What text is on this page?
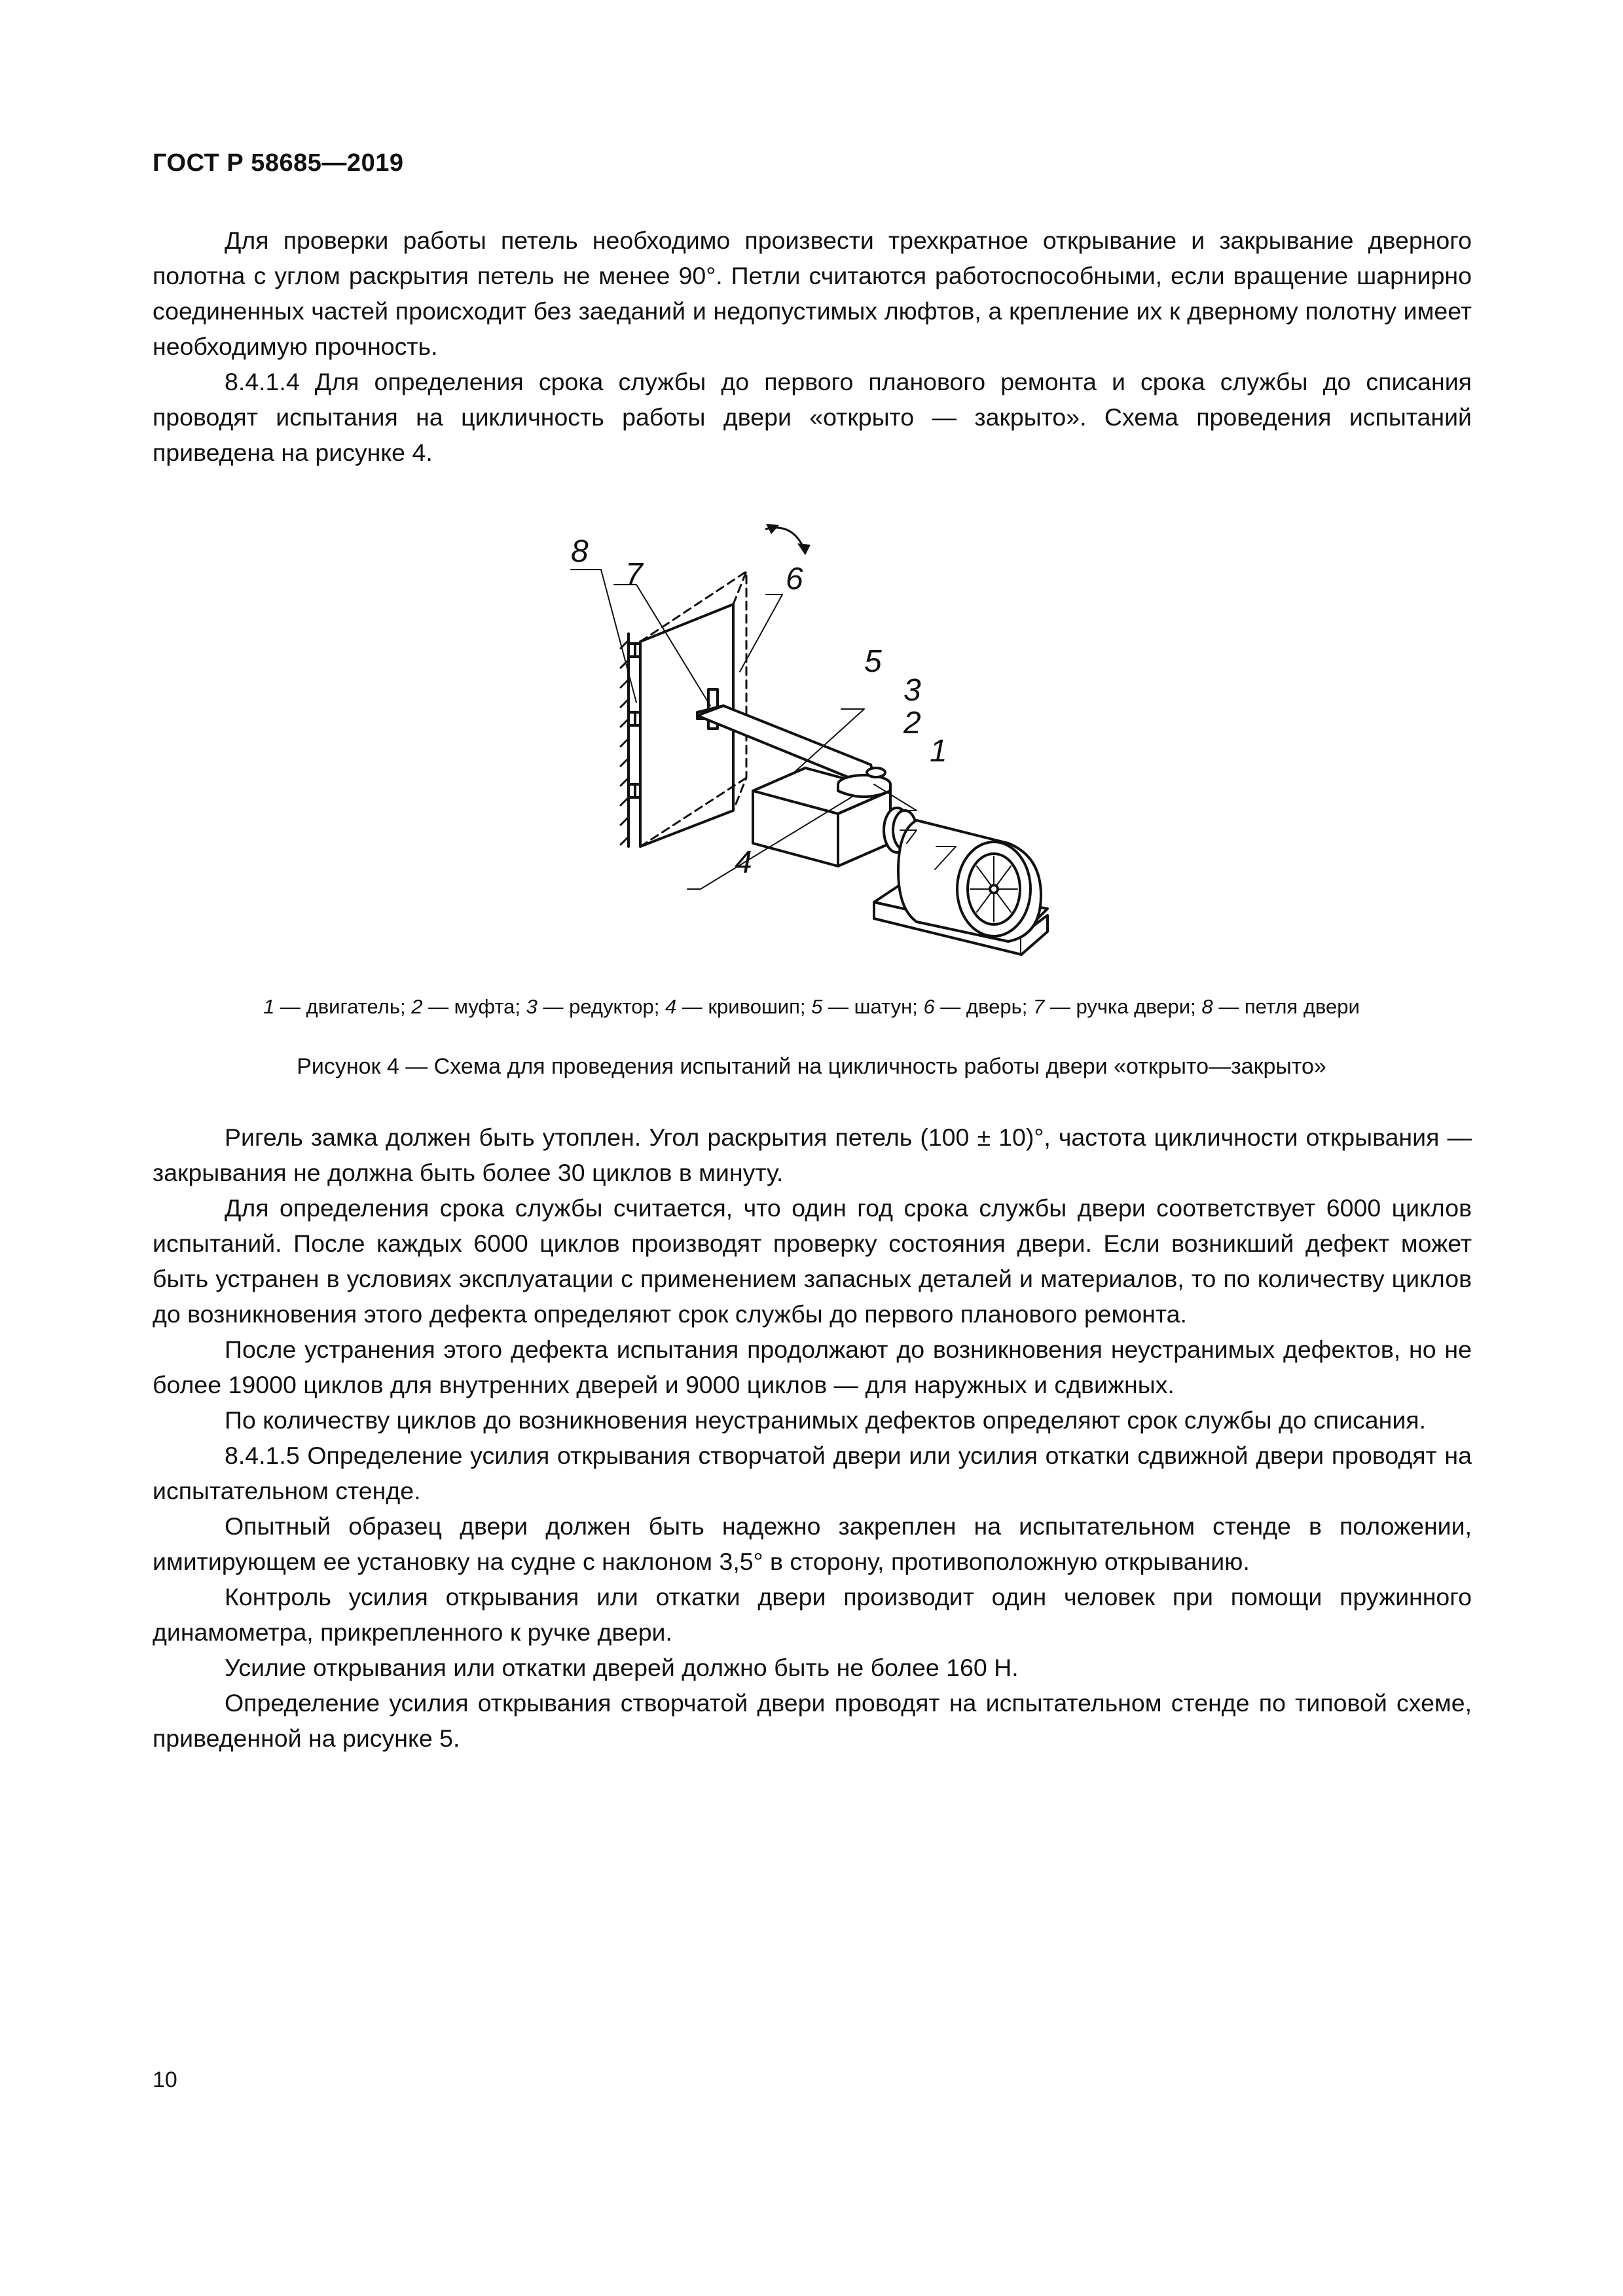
ГОСТ Р 58685—2019

Для проверки работы петель необходимо произвести трехкратное открывание и закрывание дверного полотна с углом раскрытия петель не менее 90°. Петли считаются работоспособными, если вращение шарнирно соединенных частей происходит без заеданий и недопустимых люфтов, а крепление их к дверному полотну имеет необходимую прочность.

8.4.1.4 Для определения срока службы до первого планового ремонта и срока службы до списания проводят испытания на цикличность работы двери «открыто — закрыто». Схема проведения испытаний приведена на рисунке 4.

8
7	6
5
3
2
1
4
1 — двигатель; 2 — муфта; 3 — редуктор; 4 — кривошип; 5 — шатун; 6 — дверь; 7 — ручка двери; 8 — петля двери
Рисунок 4 — Схема для проведения испытаний на цикличность работы двери «открыто—закрыто»

Ригель замка должен быть утоплен. Угол раскрытия петель (100 ± 10)°, частота цикличности открывания — закрывания не должна быть более 30 циклов в минуту.

Для определения срока службы считается, что один год срока службы двери соответствует 6000 циклов испытаний. После каждых 6000 циклов производят проверку состояния двери. Если возникший дефект может быть устранен в условиях эксплуатации с применением запасных деталей и материалов, то по количеству циклов до возникновения этого дефекта определяют срок службы до первого планового ремонта.

После устранения этого дефекта испытания продолжают до возникновения неустранимых дефектов, но не более 19000 циклов для внутренних дверей и 9000 циклов — для наружных и сдвижных.

По количеству циклов до возникновения неустранимых дефектов определяют срок службы до списания.

8.4.1.5 Определение усилия открывания створчатой двери или усилия откатки сдвижной двери проводят на испытательном стенде.

Опытный образец двери должен быть надежно закреплен на испытательном стенде в положении, имитирующем ее установку на судне с наклоном 3,5° в сторону, противоположную открыванию.

Контроль усилия открывания или откатки двери производит один человек при помощи пружинного динамометра, прикрепленного к ручке двери.

Усилие открывания или откатки дверей должно быть не более 160 Н.

Определение усилия открывания створчатой двери проводят на испытательном стенде по типовой схеме, приведенной на рисунке 5.

10
